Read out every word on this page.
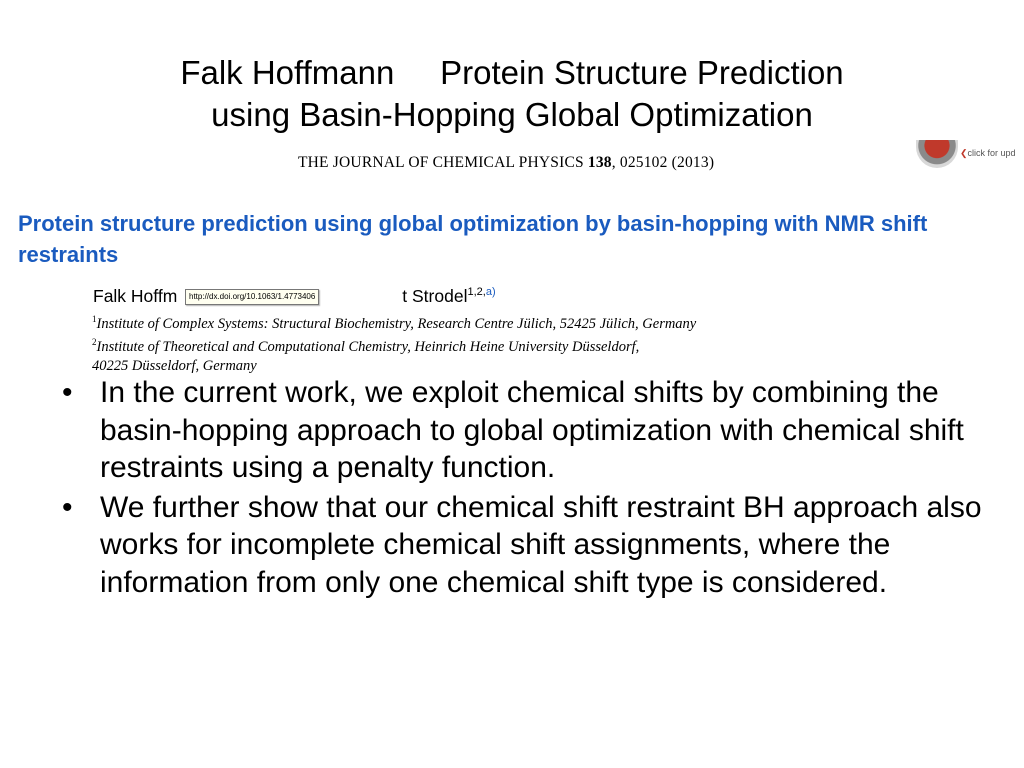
Falk Hoffmann     Protein Structure Prediction
using Basin-Hopping Global Optimization
THE JOURNAL OF CHEMICAL PHYSICS 138, 025102 (2013)
❮click for upd
Protein structure prediction using global optimization by basin-hopping with NMR shift restraints
Falk Hoffm	t Strodel$^{1,2,a)}$
http://dx.doi.org/10.1063/1.4773406
$^1$Institute of Complex Systems: Structural Biochemistry, Research Centre Jülich, 52425 Jülich, Germany
$^2$Institute of Theoretical and Computational Chemistry, Heinrich Heine University Düsseldorf,
40225 Düsseldorf, Germany
• In the current work, we exploit chemical shifts by combining the basin-hopping approach to global optimization with chemical shift restraints using a penalty function.
• We further show that our chemical shift restraint BH approach also works for incomplete chemical shift assignments, where the information from only one chemical shift type is considered.
